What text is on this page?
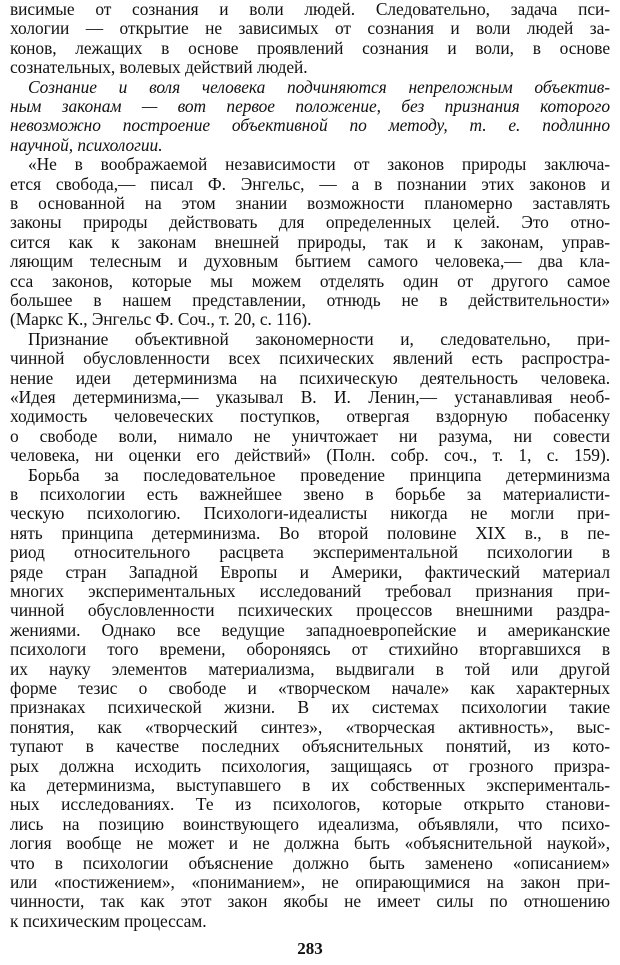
висимые от сознания и воли людей. Следовательно, задача пси-
хологии — открытие не зависимых от сознания и воли людей за-
конов, лежащих в основе проявлений сознания и воли, в основе
сознательных, волевых действий людей.
Сознание и воля человека подчиняются непреложным объектив-
ным законам — вот первое положение, без признания которого
невозможно построение объективной по методу, т. е. подлинно
научной, психологии.
«Не в воображаемой независимости от законов природы заключа-
ется свобода,— писал Ф. Энгельс, — а в познании этих законов и
в основанной на этом знании возможности планомерно заставлять
законы природы действовать для определенных целей. Это отно-
сится как к законам внешней природы, так и к законам, управ-
ляющим телесным и духовным бытием самого человека,— два кла-
сса законов, которые мы можем отделять один от другого самое
большее в нашем представлении, отнюдь не в действительности»
(Маркс К., Энгельс Ф. Соч., т. 20, с. 116).
Признание объективной закономерности и, следовательно, при-
чинной обусловленности всех психических явлений есть распростра-
нение идеи детерминизма на психическую деятельность человека.
«Идея детерминизма,— указывал В. И. Ленин,— устанавливая необ-
ходимость человеческих поступков, отвергая вздорную побасенку
о свободе воли, нимало не уничтожает ни разума, ни совести
человека, ни оценки его действий» (Полн. собр. соч., т. 1, с. 159).
Борьба за последовательное проведение принципа детерминизма
в психологии есть важнейшее звено в борьбе за материалисти-
ческую психологию. Психологи-идеалисты никогда не могли при-
нять принципа детерминизма. Во второй половине XIX в., в пе-
риод относительного расцвета экспериментальной психологии в
ряде стран Западной Европы и Америки, фактический материал
многих экспериментальных исследований требовал признания при-
чинной обусловленности психических процессов внешними раздра-
жениями. Однако все ведущие западноевропейские и американские
психологи того времени, обороняясь от стихийно вторгавшихся в
их науку элементов материализма, выдвигали в той или другой
форме тезис о свободе и «творческом начале» как характерных
признаках психической жизни. В их системах психологии такие
понятия, как «творческий синтез», «творческая активность», выс-
тупают в качестве последних объяснительных понятий, из кото-
рых должна исходить психология, защищаясь от грозного призра-
ка детерминизма, выступавшего в их собственных эксперименталь-
ных исследованиях. Те из психологов, которые открыто станови-
лись на позицию воинствующего идеализма, объявляли, что психо-
логия вообще не может и не должна быть «объяснительной наукой»,
что в психологии объяснение должно быть заменено «описанием»
или «постижением», «пониманием», не опирающимися на закон при-
чинности, так как этот закон якобы не имеет силы по отношению
к психическим процессам.
283
